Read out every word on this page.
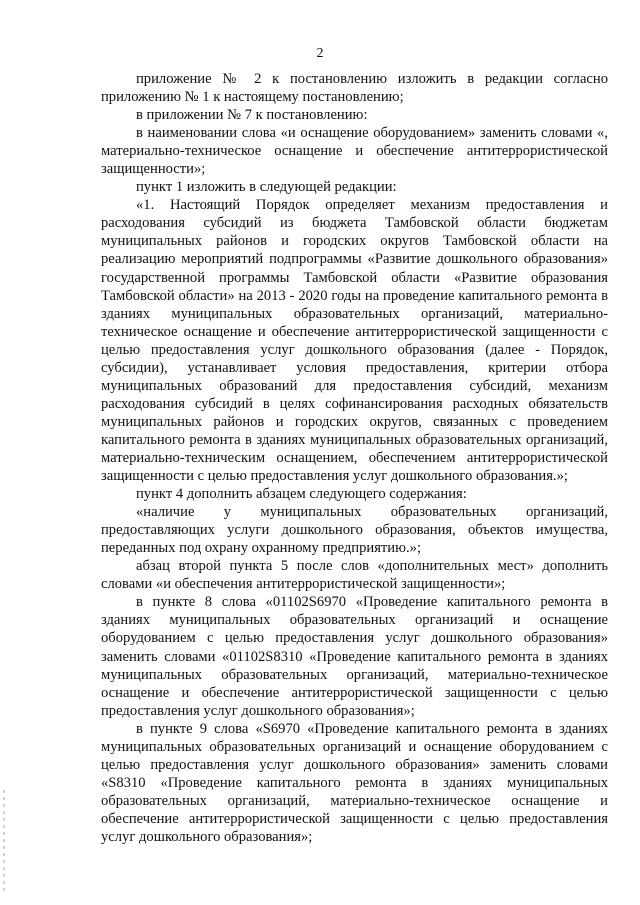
2

приложение № 2 к постановлению изложить в редакции согласно приложению № 1 к настоящему постановлению;

в приложении № 7 к постановлению:

в наименовании слова «и оснащение оборудованием» заменить словами «, материально-техническое оснащение и обеспечение антитеррористической защищенности»;

пункт 1 изложить в следующей редакции:

«1. Настоящий Порядок определяет механизм предоставления и расходования субсидий из бюджета Тамбовской области бюджетам муниципальных районов и городских округов Тамбовской области на реализацию мероприятий подпрограммы «Развитие дошкольного образования» государственной программы Тамбовской области «Развитие образования Тамбовской области» на 2013 - 2020 годы на проведение капитального ремонта в зданиях муниципальных образовательных организаций, материально-техническое оснащение и обеспечение антитеррористической защищенности с целью предоставления услуг дошкольного образования (далее - Порядок, субсидии), устанавливает условия предоставления, критерии отбора муниципальных образований для предоставления субсидий, механизм расходования субсидий в целях софинансирования расходных обязательств муниципальных районов и городских округов, связанных с проведением капитального ремонта в зданиях муниципальных образовательных организаций, материально-техническим оснащением, обеспечением антитеррористической защищенности с целью предоставления услуг дошкольного образования.»;

пункт 4 дополнить абзацем следующего содержания:

«наличие у муниципальных образовательных организаций, предоставляющих услуги дошкольного образования, объектов имущества, переданных под охрану охранному предприятию.»;

абзац второй пункта 5 после слов «дополнительных мест» дополнить словами «и обеспечения антитеррористической защищенности»;

в пункте 8 слова «01102S6970 «Проведение капитального ремонта в зданиях муниципальных образовательных организаций и оснащение оборудованием с целью предоставления услуг дошкольного образования» заменить словами «01102S8310 «Проведение капитального ремонта в зданиях муниципальных образовательных организаций, материально-техническое оснащение и обеспечение антитеррористической защищенности с целью предоставления услуг дошкольного образования»;

в пункте 9 слова «S6970 «Проведение капитального ремонта в зданиях муниципальных образовательных организаций и оснащение оборудованием с целью предоставления услуг дошкольного образования» заменить словами «S8310 «Проведение капитального ремонта в зданиях муниципальных образовательных организаций, материально-техническое оснащение и обеспечение антитеррористической защищенности с целью предоставления услуг дошкольного образования»;
